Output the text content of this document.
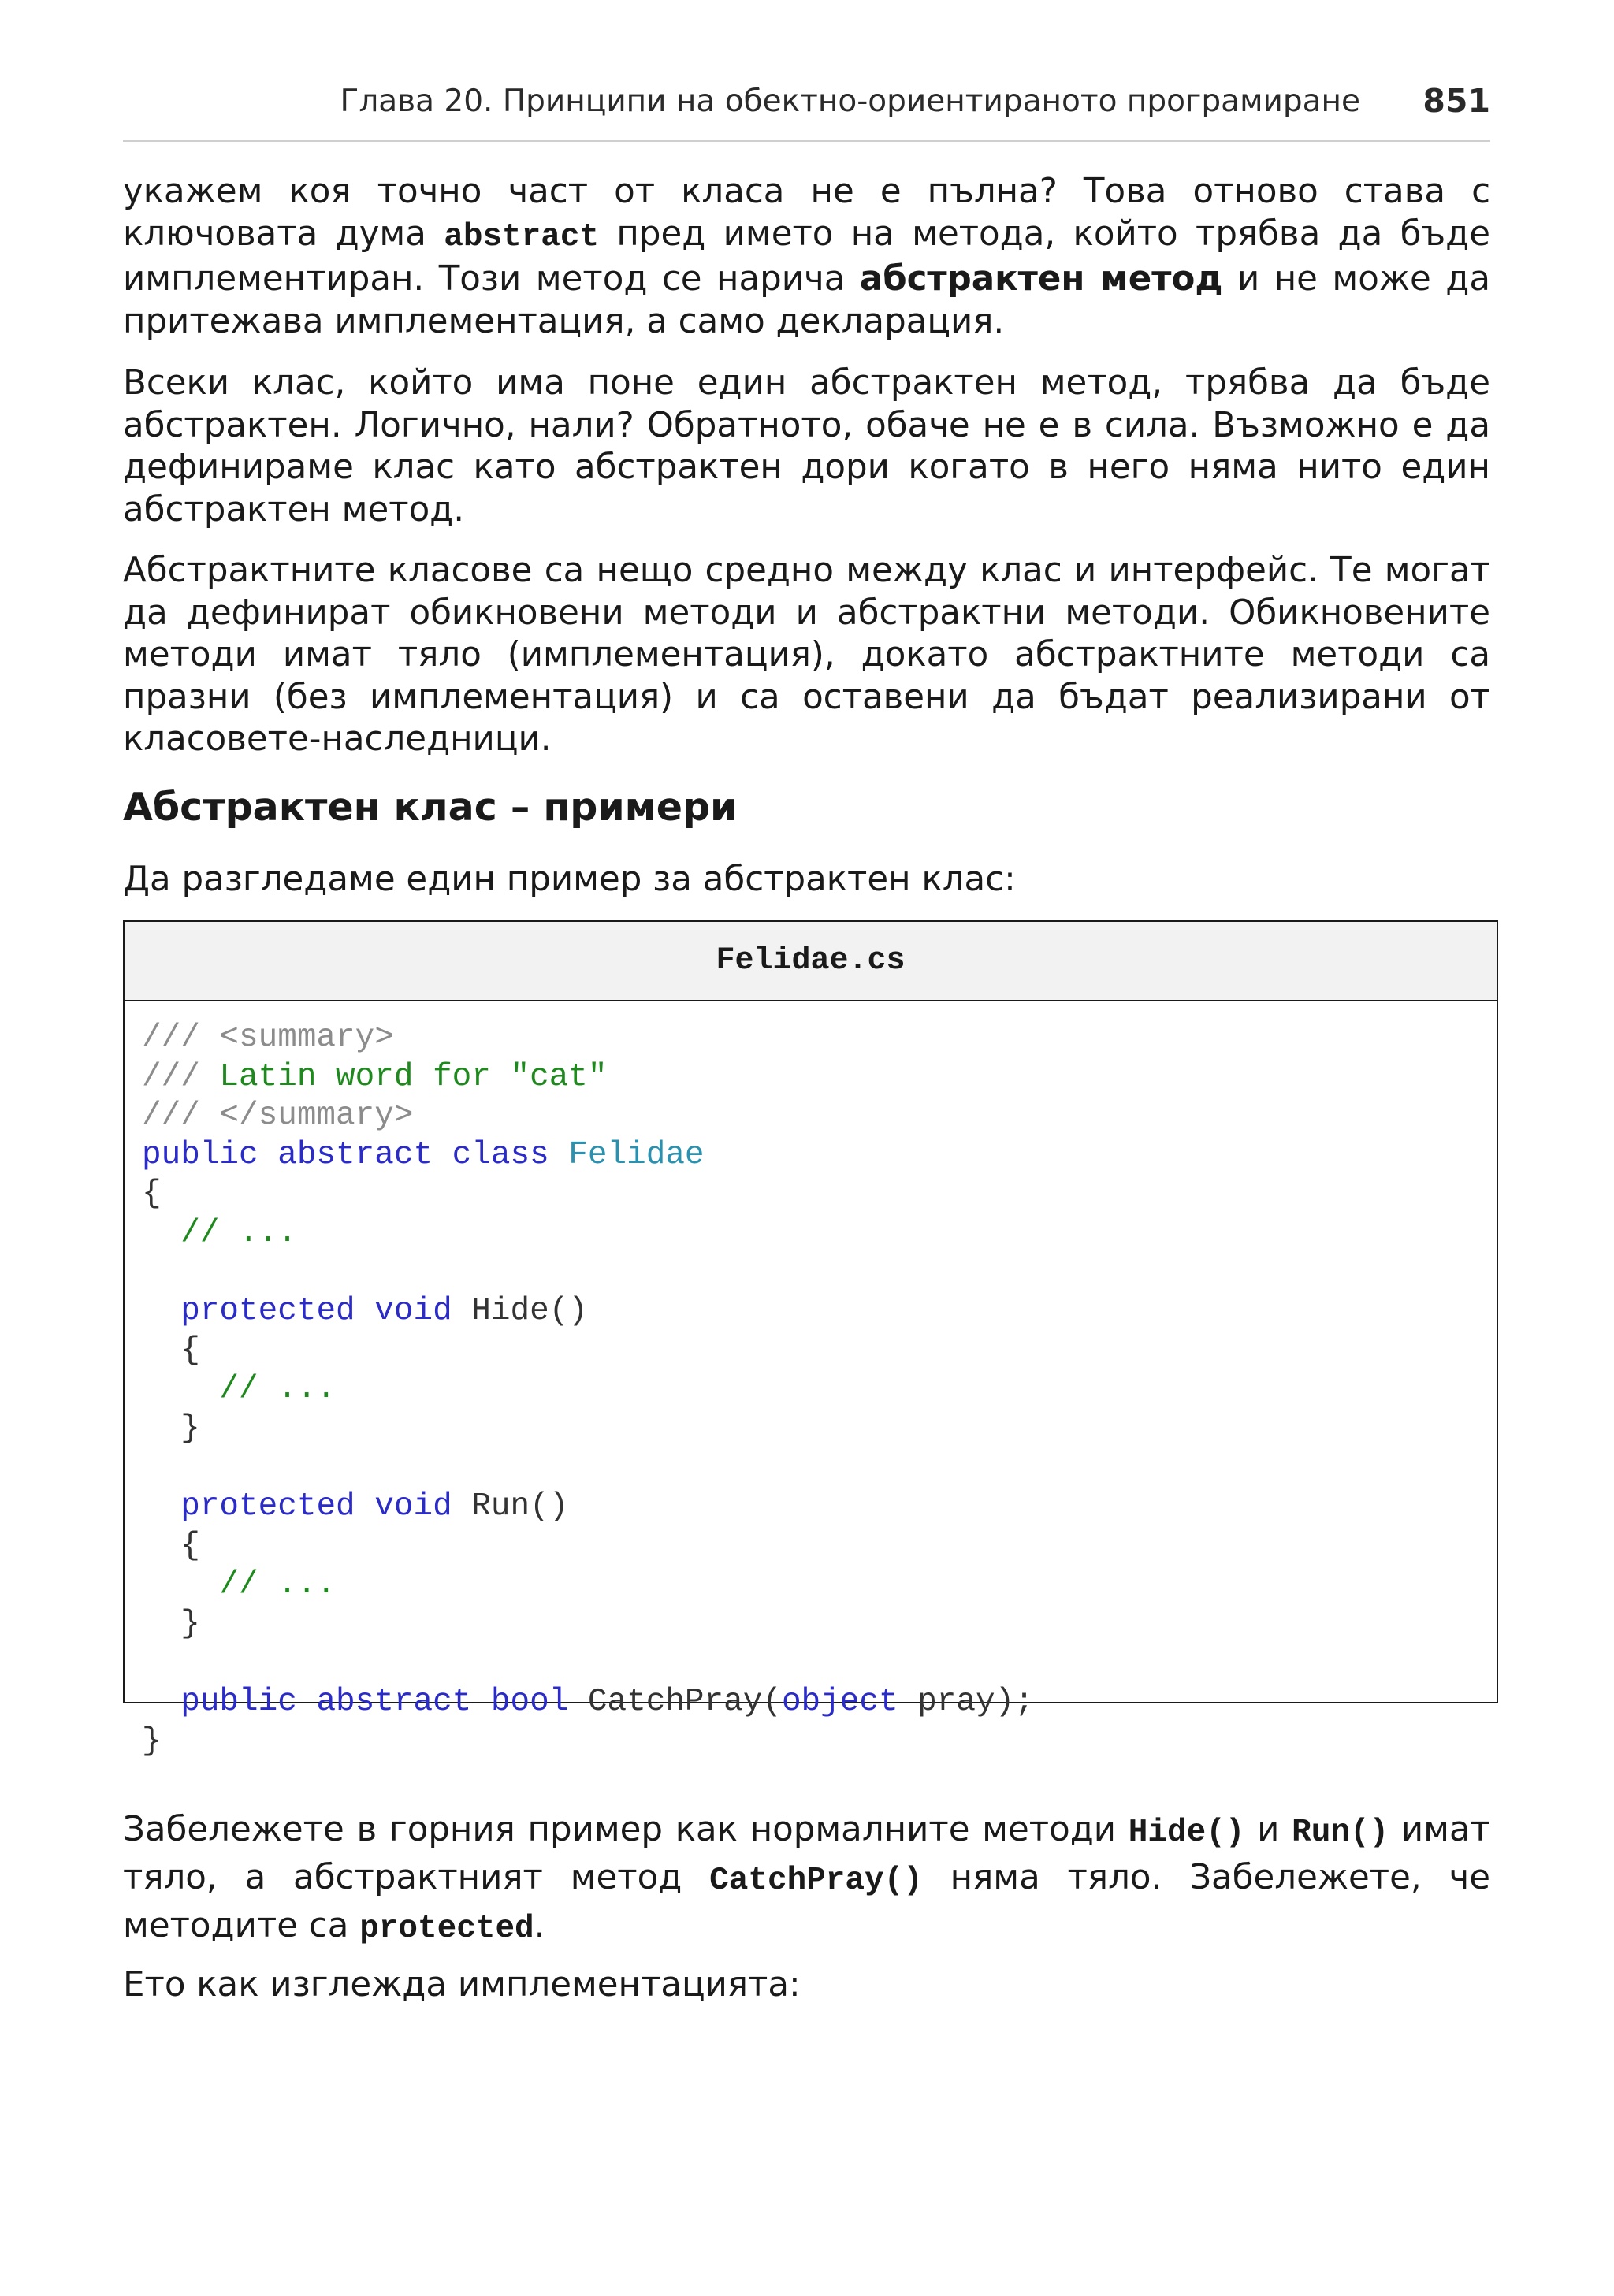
Глава 20. Принципи на обектно-ориентираното програмиране 851

укажем коя точно част от класа не е пълна? Това отново става с ключовата дума abstract пред името на метода, който трябва да бъде имплементиран. Този метод се нарича абстрактен метод и не може да притежава имплементация, а само декларация.

Всеки клас, който има поне един абстрактен метод, трябва да бъде абстрактен. Логично, нали? Обратното, обаче не е в сила. Възможно е да дефинираме клас като абстрактен дори когато в него няма нито един абстрактен метод.

Абстрактните класове са нещо средно между клас и интерфейс. Те могат да дефинират обикновени методи и абстрактни методи. Обикновените методи имат тяло (имплементация), докато абстрактните методи са празни (без имплементация) и са оставени да бъдат реализирани от класовете-наследници.

Абстрактен клас – примери

Да разгледаме един пример за абстрактен клас:

Felidae.cs
/// <summary>
/// Latin word for "cat"
/// </summary>
public abstract class Felidae
{
// ...

protected void Hide()
{
// ...
}

protected void Run()
{
// ...
}

public abstract bool CatchPray(object pray);
}

Забележете в горния пример как нормалните методи Hide() и Run() имат тяло, а абстрактният метод CatchPray() няма тяло. Забележете, че методите са protected.

Ето как изглежда имплементацията:
